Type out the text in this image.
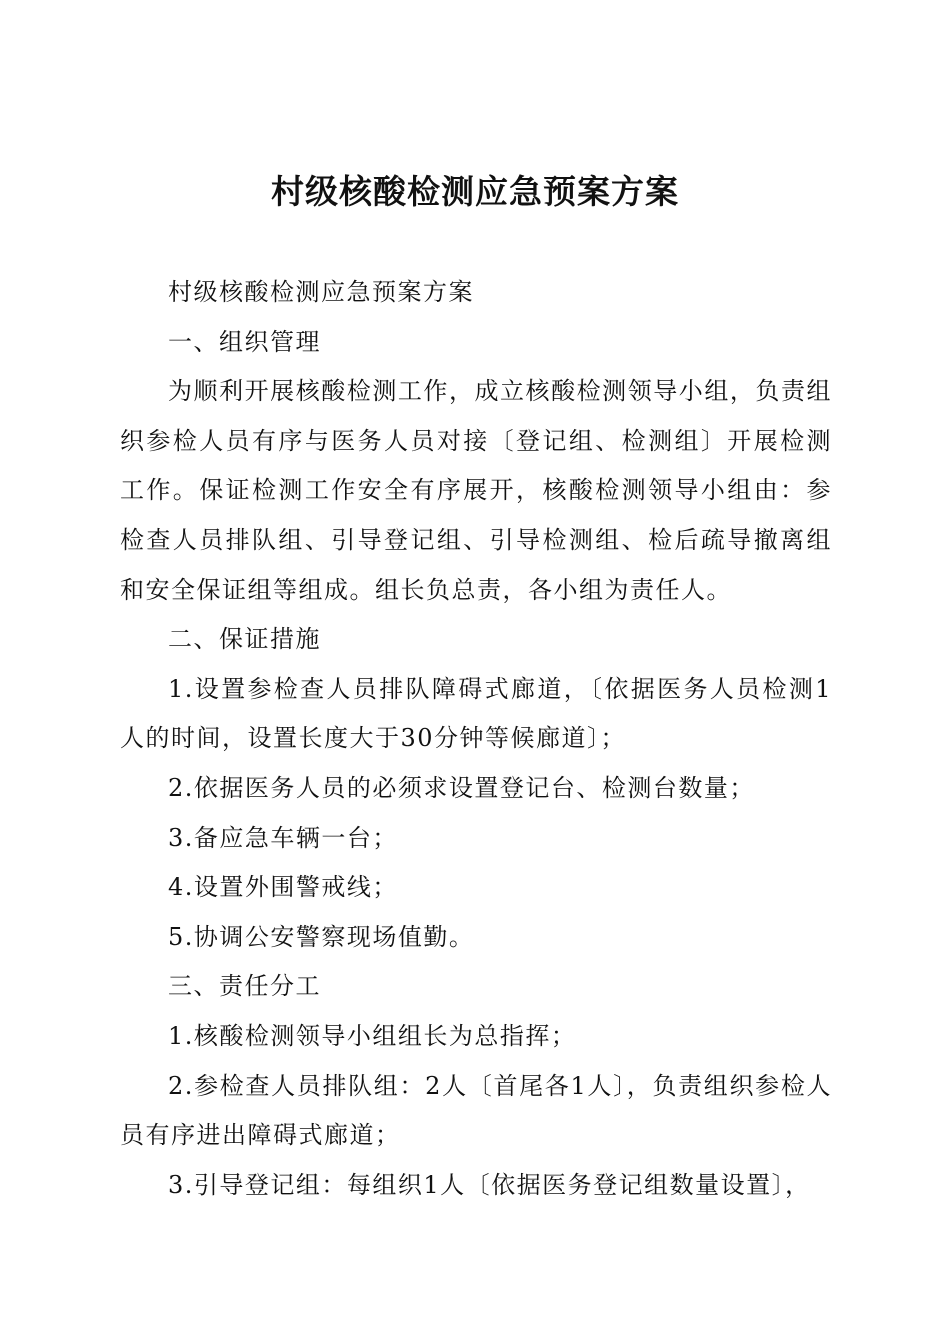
村级核酸检测应急预案方案

村级核酸检测应急预案方案

一、组织管理

为顺利开展核酸检测工作，成立核酸检测领导小组，负责组织参检人员有序与医务人员对接〔登记组、检测组〕开展检测工作。保证检测工作安全有序展开，核酸检测领导小组由：参检查人员排队组、引导登记组、引导检测组、检后疏导撤离组和安全保证组等组成。组长负总责，各小组为责任人。

二、保证措施

1.设置参检查人员排队障碍式廊道，〔依据医务人员检测1人的时间，设置长度大于30分钟等候廊道〕；

2.依据医务人员的必须求设置登记台、检测台数量；

3.备应急车辆一台；

4.设置外围警戒线；

5.协调公安警察现场值勤。

三、责任分工

1.核酸检测领导小组组长为总指挥；

2.参检查人员排队组：2人〔首尾各1人〕，负责组织参检人员有序进出障碍式廊道；

3.引导登记组：每组织1人〔依据医务登记组数量设置〕，
